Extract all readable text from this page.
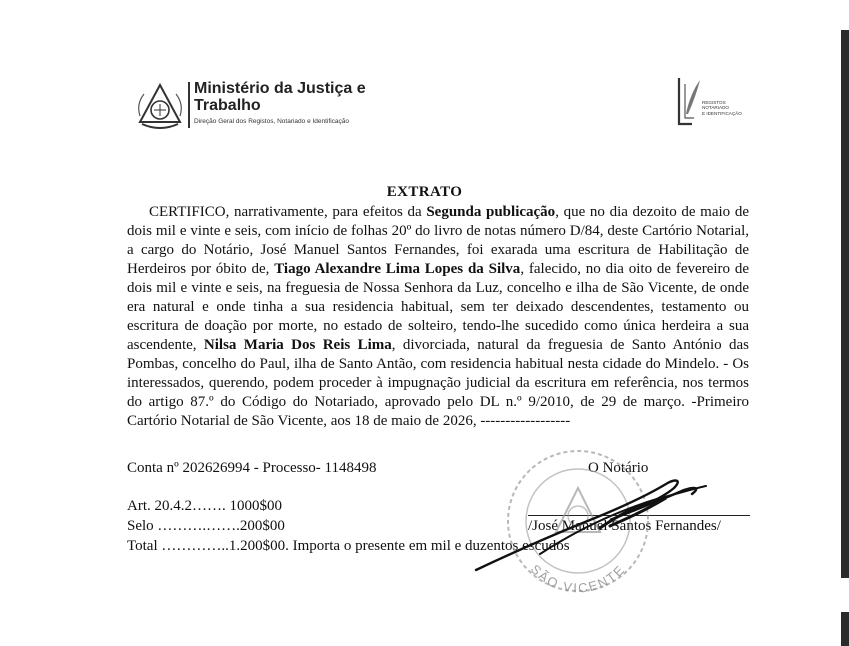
Ministério da Justiça e
Trabalho
Direção Geral dos Registos, Notariado e Identificação
REGISTOS
NOTARIADO
E IDENTIFICAÇÃO
EXTRATO

CERTIFICO, narrativamente, para efeitos da Segunda publicação, que no dia dezoito de maio de dois mil e vinte e seis, com início de folhas 20º do livro de notas número D/84, deste Cartório Notarial, a cargo do Notário, José Manuel Santos Fernandes, foi exarada uma escritura de Habilitação de Herdeiros por óbito de, Tiago Alexandre Lima Lopes da Silva, falecido, no dia oito de fevereiro de dois mil e vinte e seis, na freguesia de Nossa Senhora da Luz, concelho e ilha de São Vicente, de onde era natural e onde tinha a sua residencia habitual, sem ter deixado descendentes, testamento ou escritura de doação por morte, no estado de solteiro, tendo-lhe sucedido como única herdeira a sua ascendente, Nilsa Maria Dos Reis Lima, divorciada, natural da freguesia de Santo António das Pombas, concelho do Paul, ilha de Santo Antão, com residencia habitual nesta cidade do Mindelo. - Os interessados, querendo, podem proceder à impugnação judicial da escritura em referência, nos termos do artigo 87.º do Código do Notariado, aprovado pelo DL n.º 9/2010, de 29 de março. -Primeiro Cartório Notarial de São Vicente, aos 18 de maio de 2026, ------------------

Conta nº 202626994 - Processo- 1148498	O Notário
Art. 20.4.2……. 1000$00
Selo ……….…….200$00
Total …………..1.200$00. Importa o presente em mil e duzentos escudos
/José Manuel Santos Fernandes/
SÃO VICENTE
